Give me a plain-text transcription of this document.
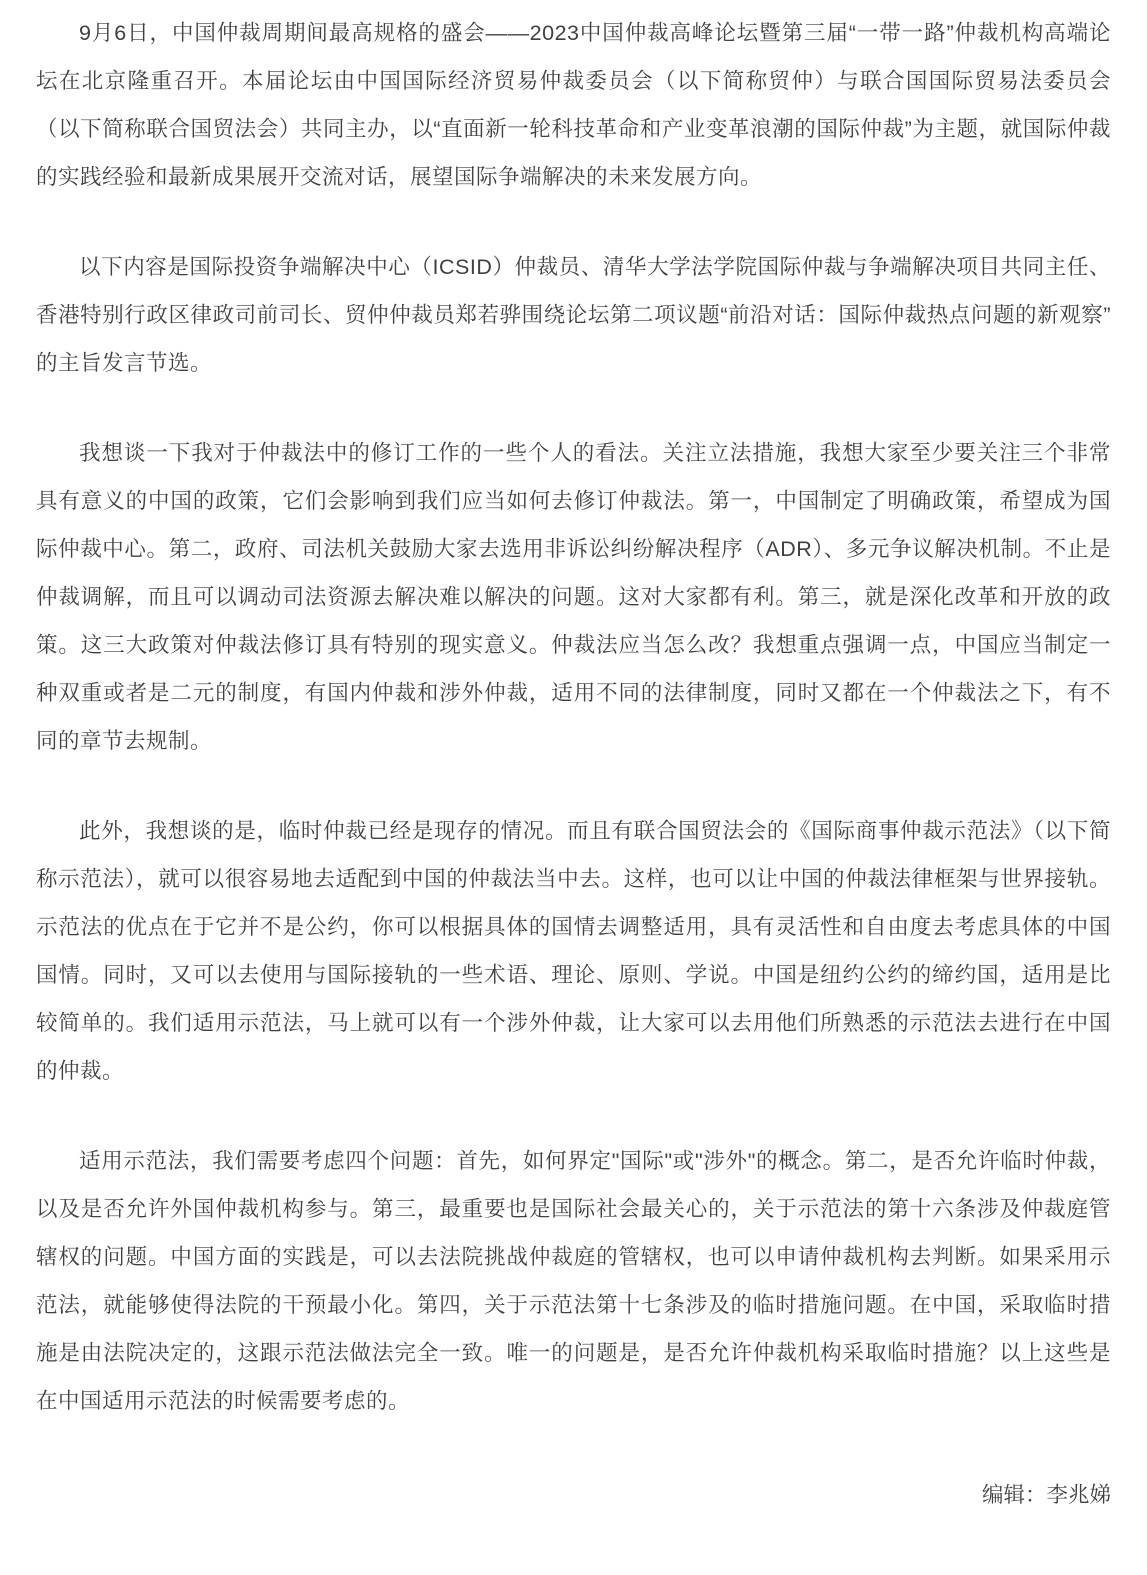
9月6日，中国仲裁周期间最高规格的盛会——2023中国仲裁高峰论坛暨第三届“一带一路”仲裁机构高端论坛在北京隆重召开。本届论坛由中国国际经济贸易仲裁委员会（以下简称贸仲）与联合国国际贸易法委员会（以下简称联合国贸法会）共同主办，以“直面新一轮科技革命和产业变革浪潮的国际仲裁”为主题，就国际仲裁的实践经验和最新成果展开交流对话，展望国际争端解决的未来发展方向。

以下内容是国际投资争端解决中心（ICSID）仲裁员、清华大学法学院国际仲裁与争端解决项目共同主任、香港特别行政区律政司前司长、贸仲仲裁员郑若骅围绕论坛第二项议题“前沿对话：国际仲裁热点问题的新观察”的主旨发言节选。

我想谈一下我对于仲裁法中的修订工作的一些个人的看法。关注立法措施，我想大家至少要关注三个非常具有意义的中国的政策，它们会影响到我们应当如何去修订仲裁法。第一，中国制定了明确政策，希望成为国际仲裁中心。第二，政府、司法机关鼓励大家去选用非诉讼纠纷解决程序（ADR）、多元争议解决机制。不止是仲裁调解，而且可以调动司法资源去解决难以解决的问题。这对大家都有利。第三，就是深化改革和开放的政策。这三大政策对仲裁法修订具有特别的现实意义。仲裁法应当怎么改？我想重点强调一点，中国应当制定一种双重或者是二元的制度，有国内仲裁和涉外仲裁，适用不同的法律制度，同时又都在一个仲裁法之下，有不同的章节去规制。

此外，我想谈的是，临时仲裁已经是现存的情况。而且有联合国贸法会的《国际商事仲裁示范法》（以下简称示范法），就可以很容易地去适配到中国的仲裁法当中去。这样，也可以让中国的仲裁法律框架与世界接轨。示范法的优点在于它并不是公约，你可以根据具体的国情去调整适用，具有灵活性和自由度去考虑具体的中国国情。同时，又可以去使用与国际接轨的一些术语、理论、原则、学说。中国是纽约公约的缔约国，适用是比较简单的。我们适用示范法，马上就可以有一个涉外仲裁，让大家可以去用他们所熟悉的示范法去进行在中国的仲裁。

适用示范法，我们需要考虑四个问题：首先，如何界定"国际"或"涉外"的概念。第二，是否允许临时仲裁，以及是否允许外国仲裁机构参与。第三，最重要也是国际社会最关心的，关于示范法的第十六条涉及仲裁庭管辖权的问题。中国方面的实践是，可以去法院挑战仲裁庭的管辖权，也可以申请仲裁机构去判断。如果采用示范法，就能够使得法院的干预最小化。第四，关于示范法第十七条涉及的临时措施问题。在中国，采取临时措施是由法院决定的，这跟示范法做法完全一致。唯一的问题是，是否允许仲裁机构采取临时措施？以上这些是在中国适用示范法的时候需要考虑的。

编辑：李兆娣
